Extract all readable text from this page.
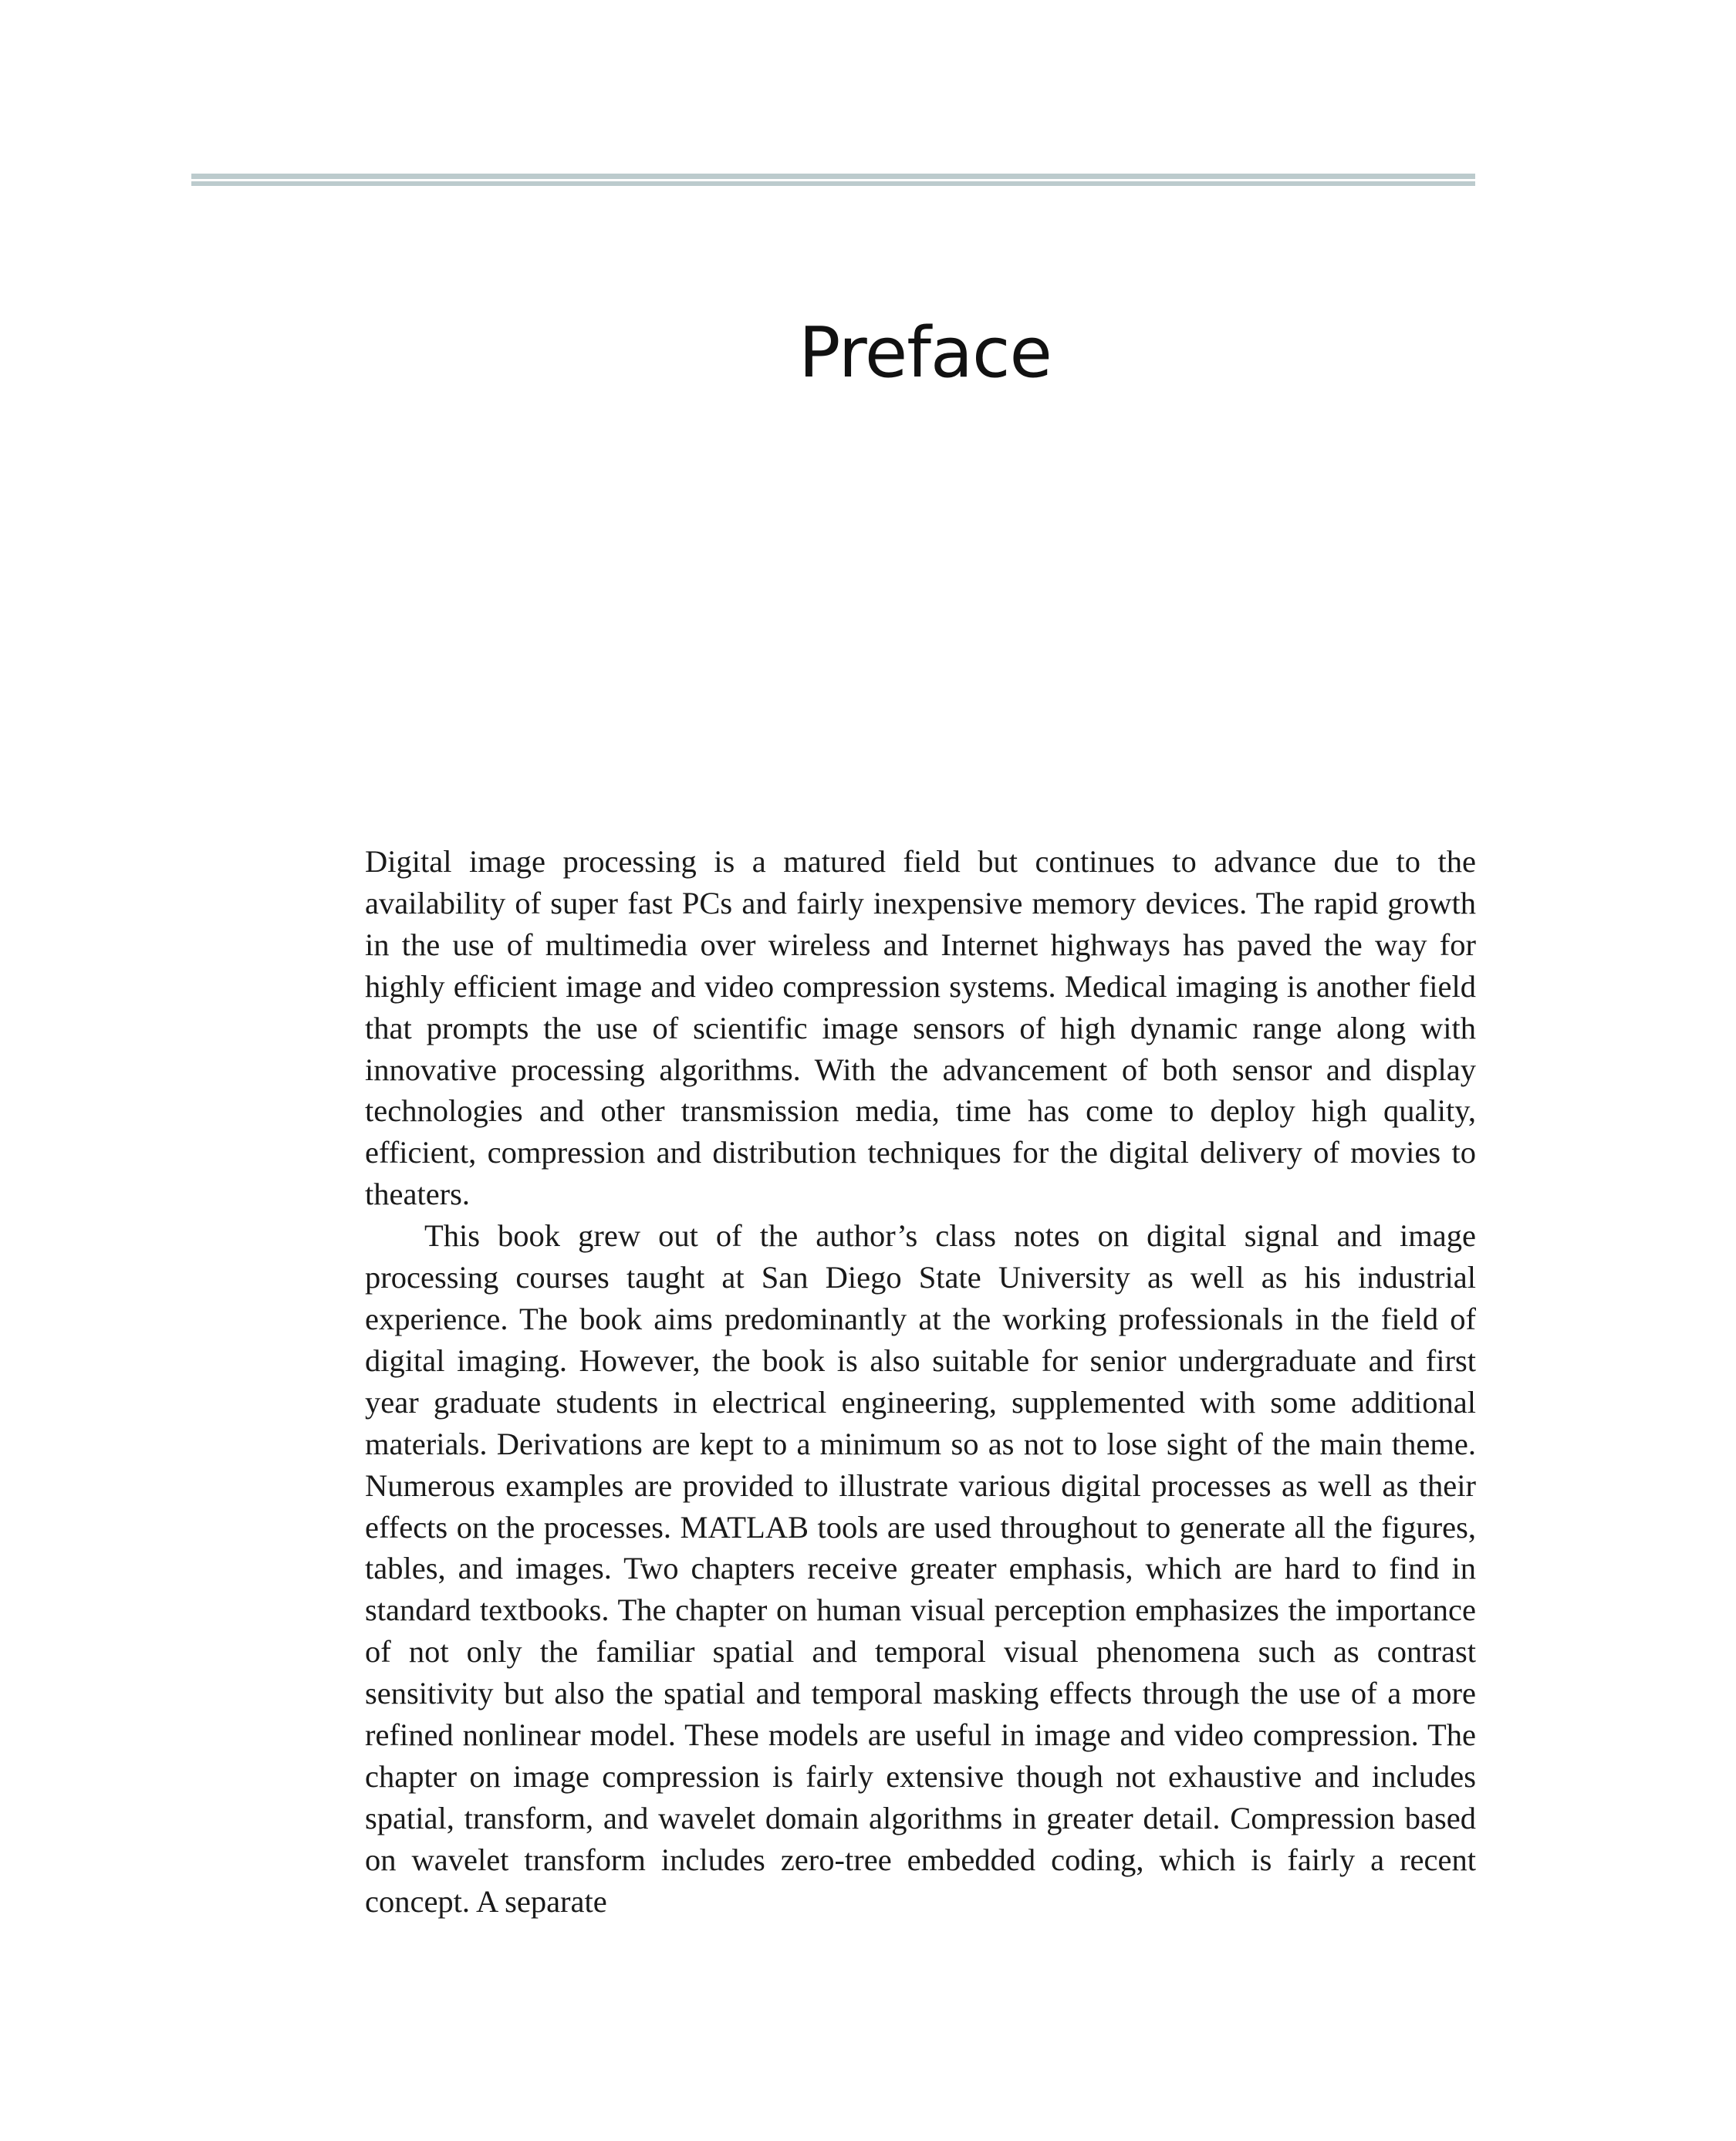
Preface

Digital image processing is a matured field but continues to advance due to the availability of super fast PCs and fairly inexpensive memory devices. The rapid growth in the use of multimedia over wireless and Internet highways has paved the way for highly efficient image and video compression systems. Medical imaging is another field that prompts the use of scientific image sensors of high dynamic range along with innovative processing algorithms. With the advancement of both sensor and display technologies and other transmission media, time has come to deploy high quality, efficient, compression and distribution techniques for the digital delivery of movies to theaters.

This book grew out of the author’s class notes on digital signal and image processing courses taught at San Diego State University as well as his industrial experience. The book aims predominantly at the working professionals in the field of digital imaging. However, the book is also suitable for senior undergraduate and first year graduate students in electrical engineering, supplemented with some additional materials. Derivations are kept to a minimum so as not to lose sight of the main theme. Numerous examples are provided to illustrate various digital processes as well as their effects on the processes. MATLAB tools are used throughout to generate all the figures, tables, and images. Two chapters receive greater emphasis, which are hard to find in standard textbooks. The chapter on human visual perception emphasizes the importance of not only the familiar spatial and temporal visual phenomena such as contrast sensitivity but also the spatial and temporal masking effects through the use of a more refined nonlinear model. These models are useful in image and video compression. The chapter on image compression is fairly extensive though not exhaustive and includes spatial, transform, and wavelet domain algorithms in greater detail. Compression based on wavelet transform includes zero-tree embedded coding, which is fairly a recent concept. A separate
